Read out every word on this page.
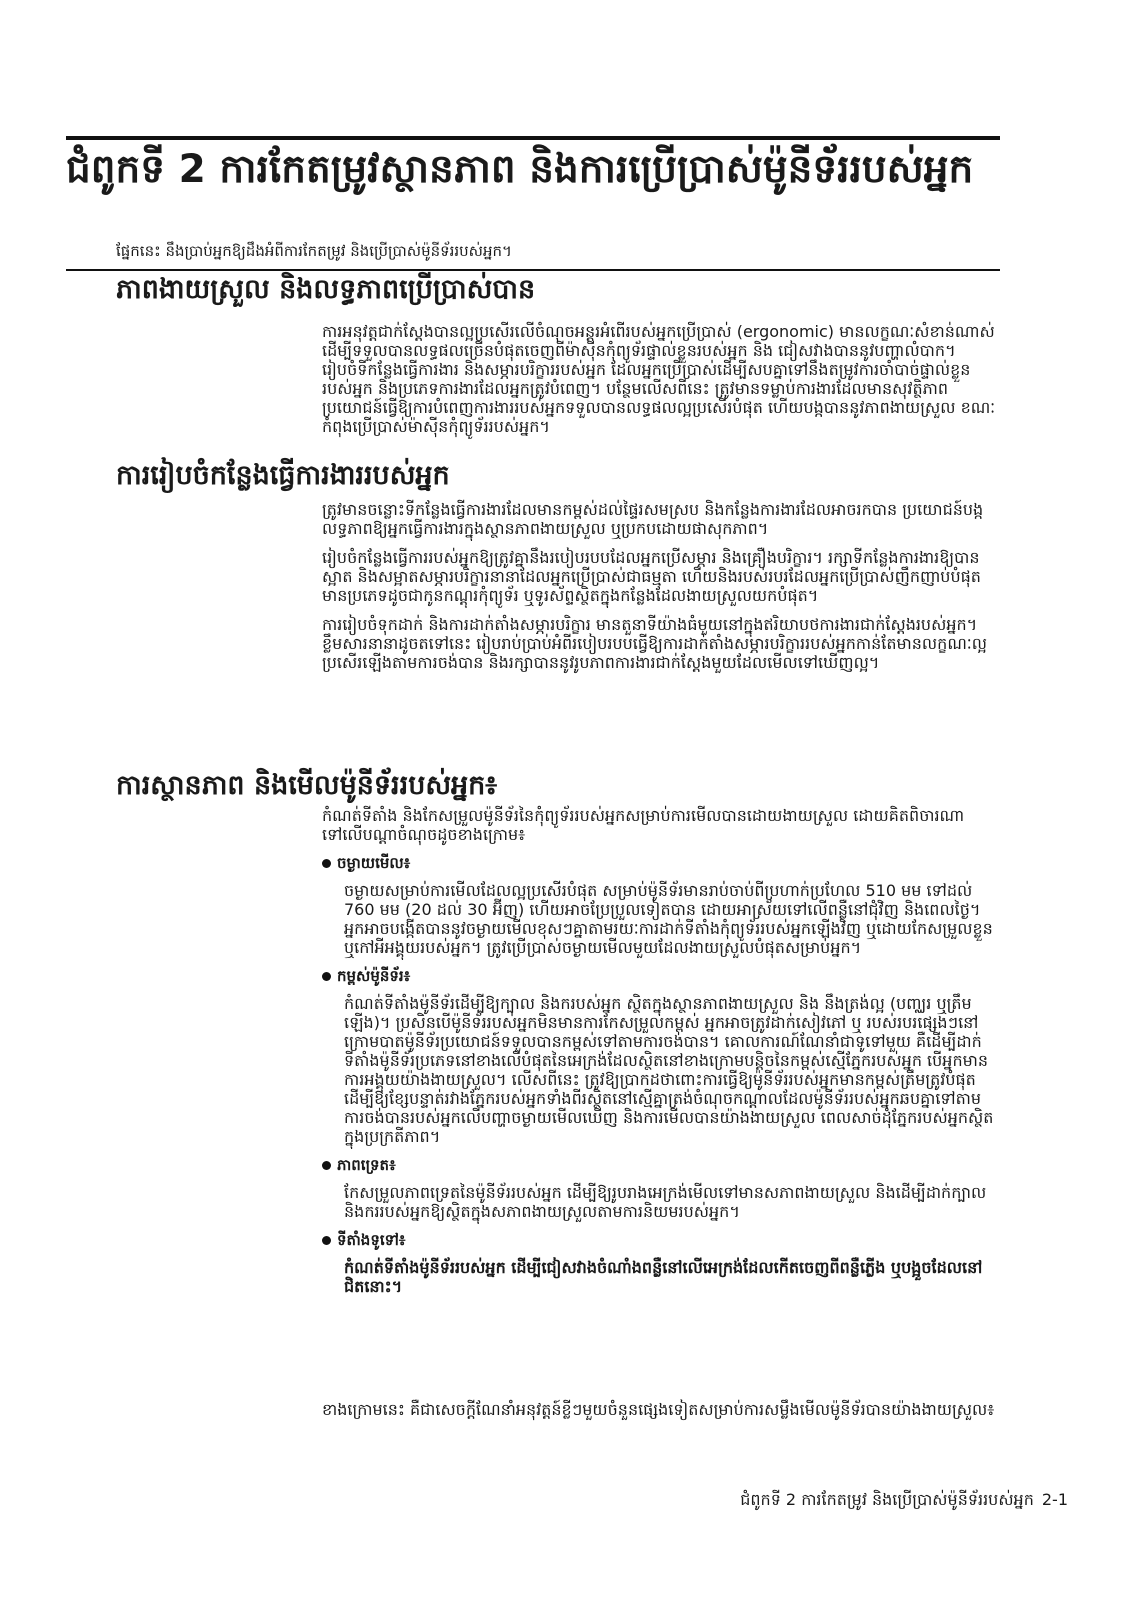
ជំពូកទី 2 ការកែតម្រូវស្ថានភាព និងការប្រើប្រាស់ម៉ូនីទ័ររបស់អ្នក
ផ្នែកនេះ នឹងប្រាប់អ្នកឱ្យដឹងអំពីការកែតម្រូវ និងប្រើប្រាស់ម៉ូនីទ័ររបស់អ្នក។
ភាពងាយស្រួល និងលទ្ធភាពប្រើប្រាស់បាន

ការអនុវត្តជាក់ស្ដែងបានល្អប្រសើរលើចំណុចអន្តរអំពើរបស់អ្នកប្រើប្រាស់ (ergonomic) មានលក្ខណៈសំខាន់ណាស់ ដើម្បីទទួលបានលទ្ធផលច្រើនបំផុតចេញពីម៉ាស៊ីនកុំព្យូទ័រផ្ទាល់ខ្លួនរបស់អ្នក និង ជៀសវាងបាននូវបញ្ហាលំបាក។ រៀបចំទីកន្លែងធ្វើការងារ និងសម្ភារបរិក្ខាររបស់អ្នក ដែលអ្នកប្រើប្រាស់ដើម្បីសបគ្នាទៅនឹងតម្រូវការចាំបាច់ផ្ទាល់ខ្លួនរបស់អ្នក និងប្រភេទការងារដែលអ្នកត្រូវបំពេញ។ បន្ថែមលើសពីនេះ ត្រូវមានទម្លាប់ការងារដែលមានសុវត្ថិភាព ប្រយោជន៍ធ្វើឱ្យការបំពេញការងាររបស់អ្នកទទួលបានលទ្ធផលល្អប្រសើរបំផុត ហើយបង្កបាននូវភាពងាយស្រួល ខណៈកំពុងប្រើប្រាស់ម៉ាស៊ីនកុំព្យូទ័ររបស់អ្នក។

ការរៀបចំកន្លែងធ្វើការងាររបស់អ្នក

ត្រូវមានចន្លោះទីកន្លែងធ្វើការងារដែលមានកម្ពស់ដល់ផ្ទៃរសមស្រប និងកន្លែងការងារដែលអាចរកបាន ប្រយោជន៍បង្កលទ្ធភាពឱ្យអ្នកធ្វើការងារក្នុងស្ថានភាពងាយស្រួល ឬប្រកបដោយផាសុកភាព។

រៀបចំកន្លែងធ្វើការរបស់អ្នកឱ្យត្រូវគ្នានឹងរបៀបរបបដែលអ្នកប្រើសម្ភារ និងគ្រឿងបរិក្ខារ។ រក្សាទីកន្លែងការងារឱ្យបានស្អាត និងសម្អាតសម្ភារបរិក្ខារនានាដែលអ្នកប្រើប្រាស់ជាធម្មតា ហើយនិងរបស់របរដែលអ្នកប្រើប្រាស់ញឹកញាប់បំផុត មានប្រភេទដូចជាកូនកណ្ដុរកុំព្យូទ័រ ឬទូរស័ព្ទស្ថិតក្នុងកន្លែងដែលងាយស្រួលយកបំផុត។

ការរៀបចំទុកដាក់ និងការដាក់តាំងសម្ភារបរិក្ខារ មានតួនាទីយ៉ាងធំមួយនៅក្នុងឥរិយាបថការងារជាក់ស្ដែងរបស់អ្នក។ ខ្លឹមសារនានាដូចតទៅនេះ រៀបរាប់ប្រាប់អំពីរបៀបរបបធ្វើឱ្យការដាក់តាំងសម្ភារបរិក្ខាររបស់អ្នកកាន់តែមានលក្ខណៈល្អប្រសើរឡើងតាមការចង់បាន និងរក្សាបាននូវរូបភាពការងារជាក់ស្ដែងមួយដែលមើលទៅឃើញល្អ។

ការស្ថានភាព និងមើលម៉ូនីទ័ររបស់អ្នក៖

កំណត់ទីតាំង និងកែសម្រួលម៉ូនីទ័រនៃកុំព្យូទ័ររបស់អ្នកសម្រាប់ការមើលបានដោយងាយស្រួល ដោយគិតពិចារណាទៅលើបណ្ដាចំណុចដូចខាងក្រោម៖

ចម្ងាយមើល៖

ចម្ងាយសម្រាប់ការមើលដែលល្អប្រសើរបំផុត សម្រាប់ម៉ូនីទ័រមានរាប់ចាប់ពីប្រហាក់ប្រហែល 510 មម ទៅដល់ 760 មម (20 ដល់ 30 អ៊ីញ) ហើយអាចប្រែប្រួលទៀតបាន ដោយអាស្រ័យទៅលើពន្លឺនៅជុំវិញ និងពេលថ្ងៃ។ អ្នកអាចបង្កើតបាននូវចម្ងាយមើលខុសៗគ្នាតាមរយៈការដាក់ទីតាំងកុំព្យូទ័ររបស់អ្នកឡើងវិញ ឬដោយកែសម្រួលខ្លួន ឬកៅអីអង្គុយរបស់អ្នក។ ត្រូវប្រើប្រាស់ចម្ងាយមើលមួយដែលងាយស្រួលបំផុតសម្រាប់អ្នក។

កម្ពស់ម៉ូនីទ័រ៖

កំណត់ទីតាំងម៉ូនីទ័រដើម្បីឱ្យក្បាល និងករបស់អ្នក ស្ថិតក្នុងស្ថានភាពងាយស្រួល និង នឹងត្រង់ល្អ (បញ្ឈរ ឬត្រឹមឡើង)។ ប្រសិនបើម៉ូនីទ័ររបស់អ្នកមិនមានការកែសម្រួលកម្ពស់ អ្នកអាចត្រូវដាក់សៀវភៅ ឬ របស់របរផ្សេងៗនៅក្រោមបាតម៉ូនីទ័រប្រយោជន៍ទទួលបានកម្ពស់ទៅតាមការចង់បាន។ គោលការណ៍ណែនាំជាទូទៅមួយ គឺដើម្បីដាក់ទីតាំងម៉ូនីទ័រប្រភេទនៅខាងលើបំផុតនៃអេក្រង់ដែលស្ថិតនៅខាងក្រោមបន្តិចនៃកម្ពស់ស្មើភ្នែករបស់អ្នក បើអ្នកមានការអង្គុយយ៉ាងងាយស្រួល។ លើសពីនេះ ត្រូវឱ្យប្រាកដថាពោះការធ្វើឱ្យម៉ូនីទ័ររបស់អ្នកមានកម្ពស់ត្រឹមត្រូវបំផុត ដើម្បីឱ្យខ្សែបន្ទាត់រវាងភ្នែករបស់អ្នកទាំងពីរស្ថិតនៅស្មើគ្នាត្រង់ចំណុចកណ្ដាលដែលម៉ូនីទ័ររបស់អ្នកឆបគ្នាទៅតាមការចង់បានរបស់អ្នកលើបញ្ហាចម្ងាយមើលឃើញ និងការមើលបានយ៉ាងងាយស្រួល ពេលសាច់ដុំភ្នែករបស់អ្នកស្ថិតក្នុងប្រក្រតីភាព។

ភាពទ្រេត៖

កែសម្រួលភាពទ្រេតនៃម៉ូនីទ័ររបស់អ្នក ដើម្បីឱ្យរូបរាងអេក្រង់មើលទៅមានសភាពងាយស្រួល និងដើម្បីដាក់ក្បាល និងកររបស់អ្នកឱ្យស្ថិតក្នុងសភាពងាយស្រួលតាមការនិយមរបស់អ្នក។

ទីតាំងទូទៅ៖

កំណត់ទីតាំងម៉ូនីទ័ររបស់អ្នក ដើម្បីជៀសវាងចំណាំងពន្លឺនៅលើអេក្រង់ដែលកើតចេញពីពន្លឺភ្លើង ឬបង្អួចដែលនៅជិតនោះ។

ខាងក្រោមនេះ គឺជាសេចក្ដីណែនាំអនុវត្តន៍ខ្លីៗមួយចំនួនផ្សេងទៀតសម្រាប់ការសម្លឹងមើលម៉ូនីទ័របានយ៉ាងងាយស្រួល៖

ជំពូកទី 2 ការកែតម្រូវ និងប្រើប្រាស់ម៉ូនីទ័ររបស់អ្នក 2-1
